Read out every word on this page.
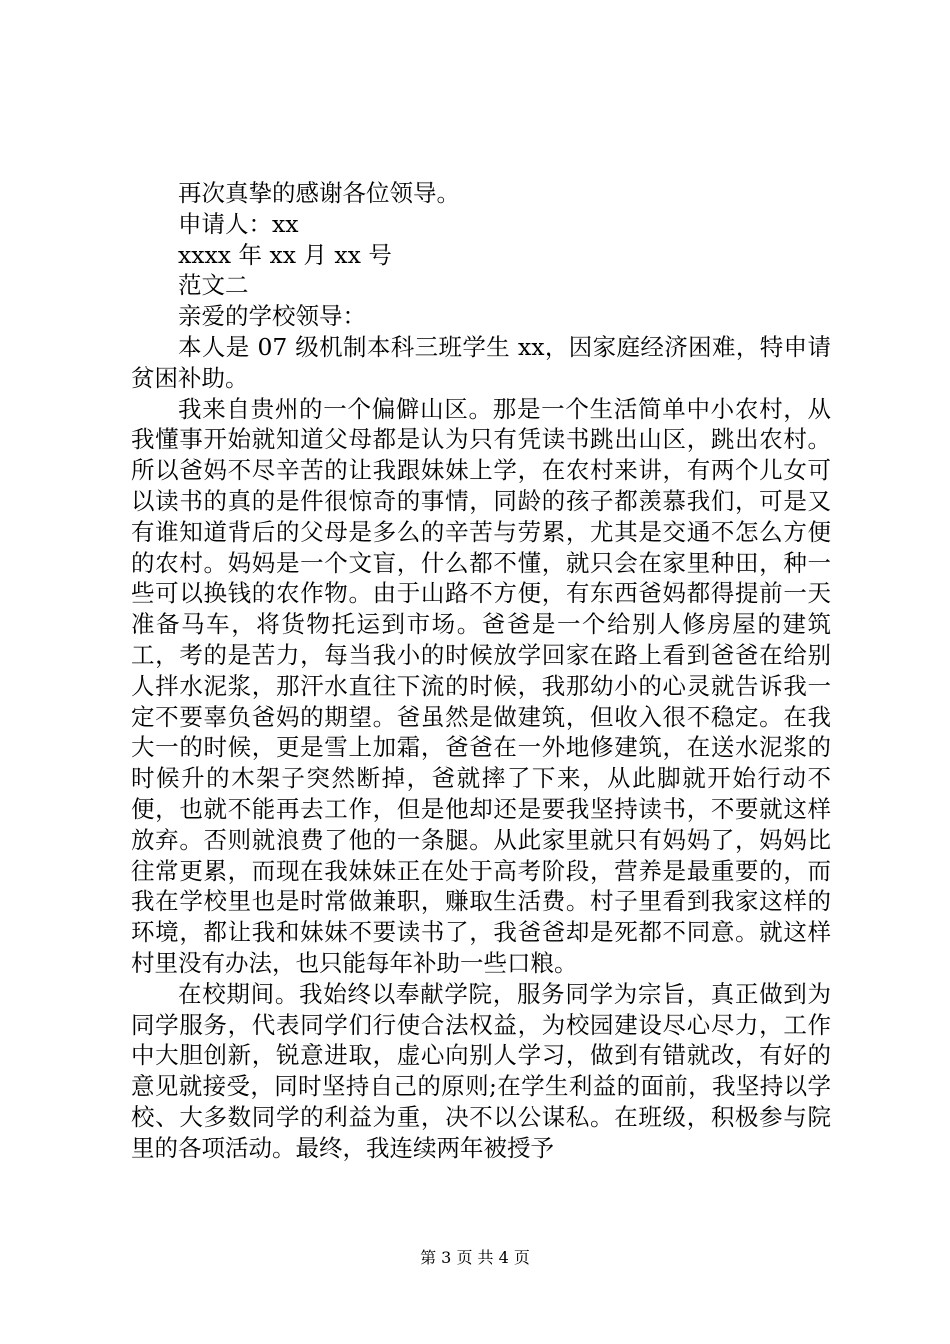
再次真挚的感谢各位领导。

申请人：xx

xxxx 年 xx 月 xx 号

范文二

亲爱的学校领导：

本人是 07 级机制本科三班学生 xx，因家庭经济困难，特申请贫困补助。

我来自贵州的一个偏僻山区。那是一个生活简单中小农村，从我懂事开始就知道父母都是认为只有凭读书跳出山区，跳出农村。所以爸妈不尽辛苦的让我跟妹妹上学，在农村来讲，有两个儿女可以读书的真的是件很惊奇的事情，同龄的孩子都羡慕我们，可是又有谁知道背后的父母是多么的辛苦与劳累，尤其是交通不怎么方便的农村。妈妈是一个文盲，什么都不懂，就只会在家里种田，种一些可以换钱的农作物。由于山路不方便，有东西爸妈都得提前一天准备马车，将货物托运到市场。爸爸是一个给别人修房屋的建筑工，考的是苦力，每当我小的时候放学回家在路上看到爸爸在给别人拌水泥浆，那汗水直往下流的时候，我那幼小的心灵就告诉我一定不要辜负爸妈的期望。爸虽然是做建筑，但收入很不稳定。在我大一的时候，更是雪上加霜，爸爸在一外地修建筑，在送水泥浆的时候升的木架子突然断掉，爸就摔了下来，从此脚就开始行动不便，也就不能再去工作，但是他却还是要我坚持读书，不要就这样放弃。否则就浪费了他的一条腿。从此家里就只有妈妈了，妈妈比往常更累，而现在我妹妹正在处于高考阶段，营养是最重要的，而我在学校里也是时常做兼职，赚取生活费。村子里看到我家这样的环境，都让我和妹妹不要读书了，我爸爸却是死都不同意。就这样村里没有办法，也只能每年补助一些口粮。

在校期间。我始终以奉献学院，服务同学为宗旨，真正做到为同学服务，代表同学们行使合法权益，为校园建设尽心尽力，工作中大胆创新，锐意进取，虚心向别人学习，做到有错就改，有好的意见就接受，同时坚持自己的原则;在学生利益的面前，我坚持以学校、大多数同学的利益为重，决不以公谋私。在班级，积极参与院里的各项活动。最终，我连续两年被授予

第 3 页 共 4 页
